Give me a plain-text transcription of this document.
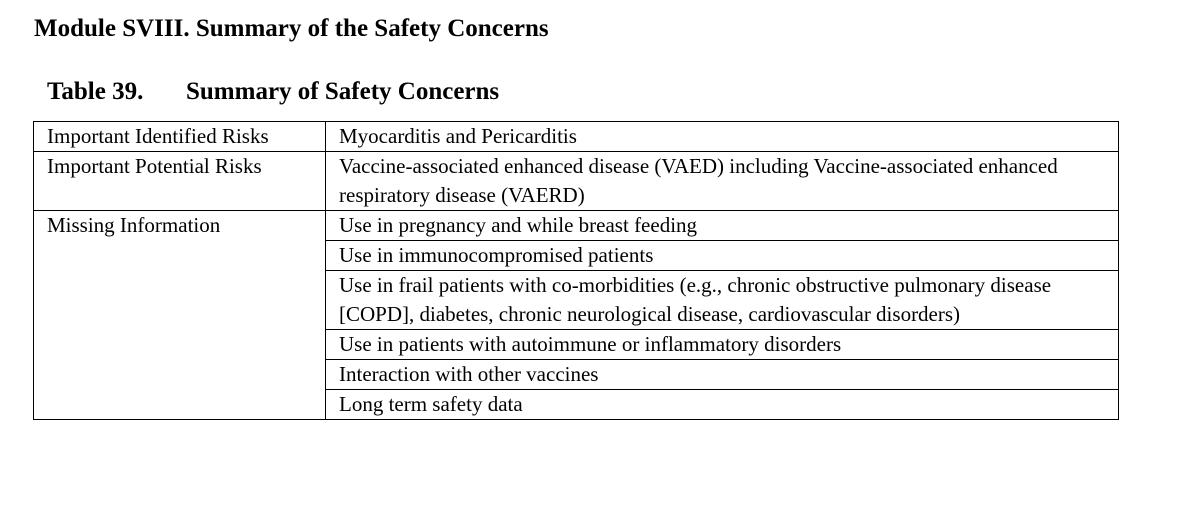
Module SVIII. Summary of the Safety Concerns
Table 39. Summary of Safety Concerns
Important Identified Risks	Myocarditis and Pericarditis
Important Potential Risks	Vaccine-associated enhanced disease (VAED) including Vaccine-associated enhanced respiratory disease (VAERD)
Missing Information	Use in pregnancy and while breast feeding
	Use in immunocompromised patients
	Use in frail patients with co-morbidities (e.g., chronic obstructive pulmonary disease [COPD], diabetes, chronic neurological disease, cardiovascular disorders)
	Use in patients with autoimmune or inflammatory disorders
	Interaction with other vaccines
	Long term safety data
